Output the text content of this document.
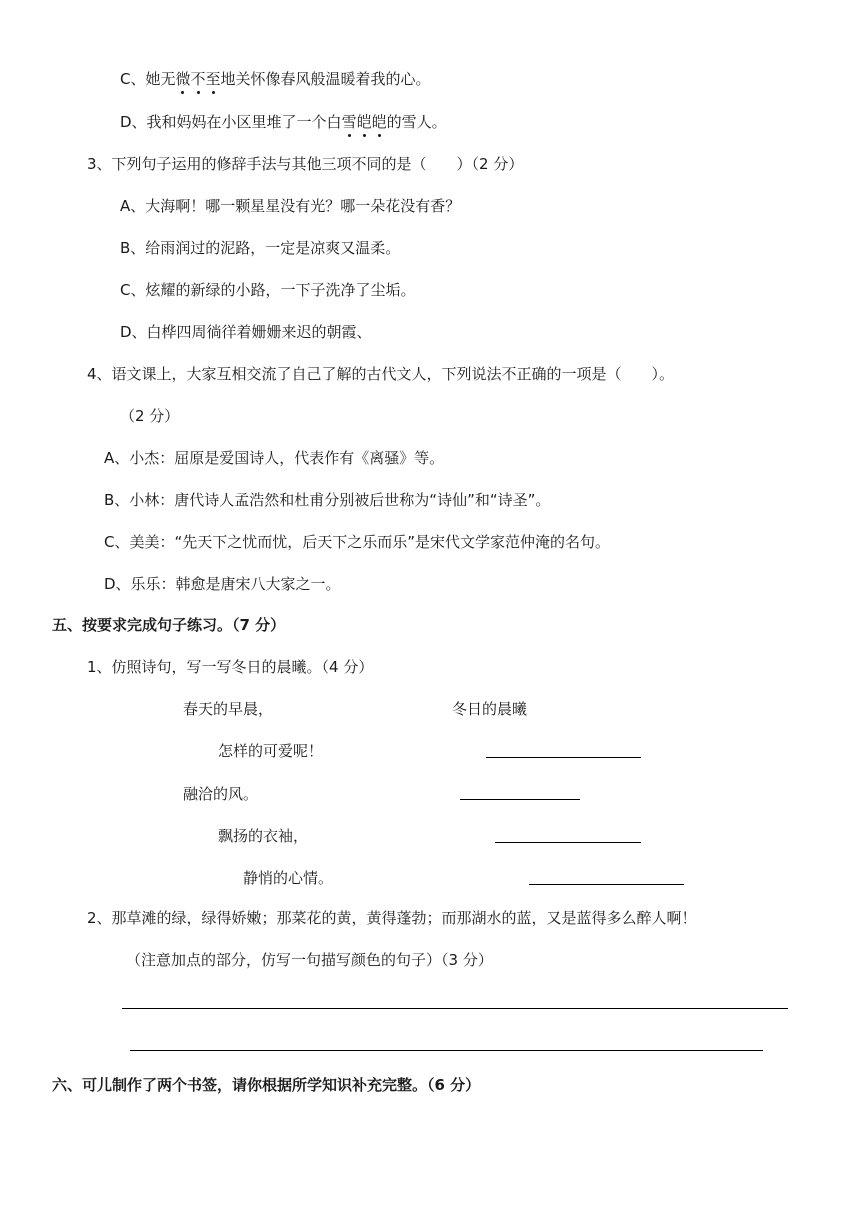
C、她无微不至地关怀像春风般温暖着我的心。
D、我和妈妈在小区里堆了一个白雪皑皑的雪人。
3、下列句子运用的修辞手法与其他三项不同的是（　　）（2 分）
A、大海啊！哪一颗星星没有光？哪一朵花没有香？
B、给雨润过的泥路，一定是凉爽又温柔。
C、炫耀的新绿的小路，一下子洗净了尘垢。
D、白桦四周徜徉着姗姗来迟的朝霞、
4、语文课上，大家互相交流了自己了解的古代文人，下列说法不正确的一项是（　　）。
（2 分）
A、小杰：屈原是爱国诗人，代表作有《离骚》等。
B、小林：唐代诗人孟浩然和杜甫分别被后世称为“诗仙”和“诗圣”。
C、美美：“先天下之忧而忧，后天下之乐而乐”是宋代文学家范仲淹的名句。
D、乐乐：韩愈是唐宋八大家之一。
五、按要求完成句子练习。（7 分）
1、仿照诗句，写一写冬日的晨曦。（4 分）
春天的早晨，	冬日的晨曦
怎样的可爱呢！
融洽的风。
飘扬的衣袖，
静悄的心情。
2、那草滩的绿，绿得娇嫩；那菜花的黄，黄得蓬勃；而那湖水的蓝，又是蓝得多么醉人啊！
（注意加点的部分，仿写一句描写颜色的句子）（3 分）
六、可儿制作了两个书签，请你根据所学知识补充完整。（6 分）
